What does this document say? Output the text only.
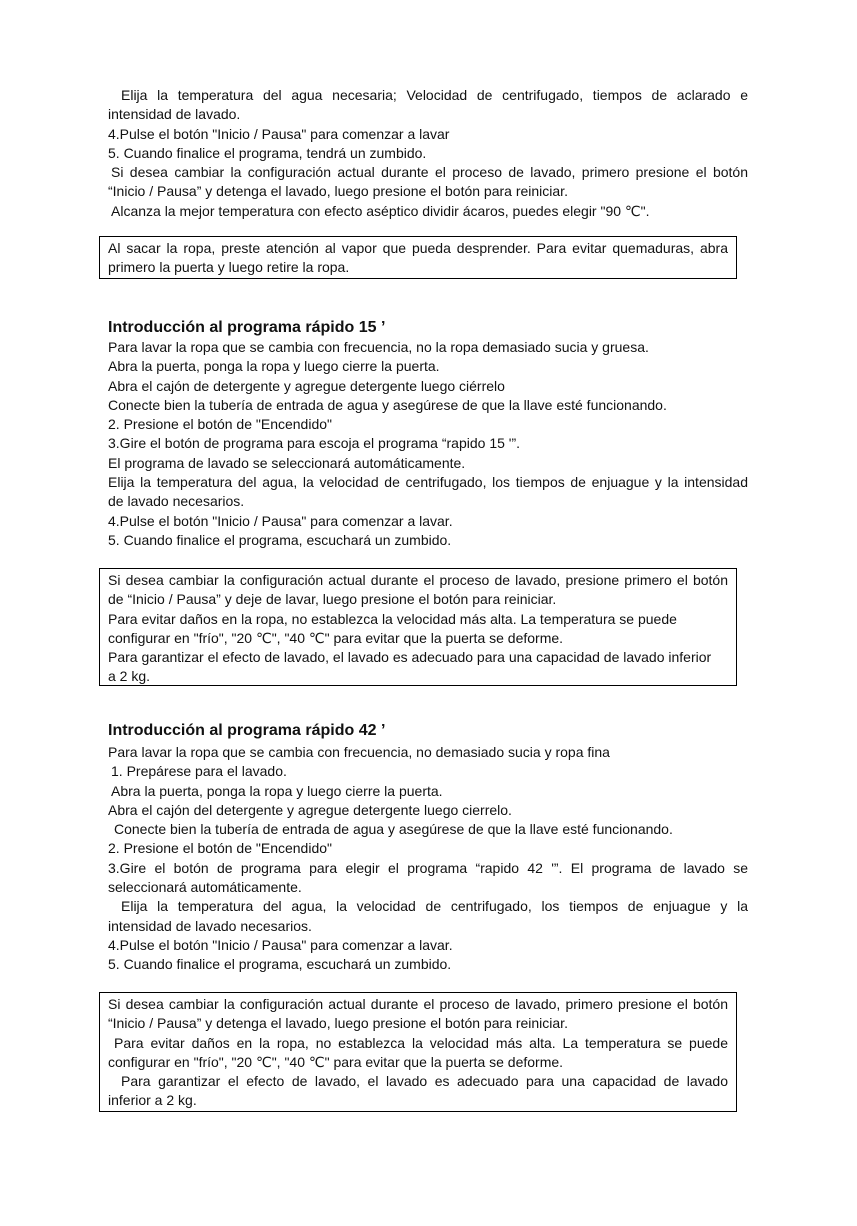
Elija la temperatura del agua necesaria; Velocidad de centrifugado, tiempos de aclarado e
intensidad de lavado.
4.Pulse el botón "Inicio / Pausa" para comenzar a lavar
5. Cuando finalice el programa, tendrá un zumbido.
Si desea cambiar la configuración actual durante el proceso de lavado, primero presione el botón
“Inicio / Pausa” y detenga el lavado, luego presione el botón para reiniciar.
Alcanza la mejor temperatura con efecto aséptico dividir ácaros, puedes elegir "90 ℃".
Al sacar la ropa, preste atención al vapor que pueda desprender. Para evitar quemaduras, abra
primero la puerta y luego retire la ropa.
Introducción al programa rápido 15 ’
Para lavar la ropa que se cambia con frecuencia, no la ropa demasiado sucia y gruesa.
Abra la puerta, ponga la ropa y luego cierre la puerta.
Abra el cajón de detergente y agregue detergente luego ciérrelo
Conecte bien la tubería de entrada de agua y asegúrese de que la llave esté funcionando.
2. Presione el botón de "Encendido"
3.Gire el botón de programa para escoja el programa “rapido 15 '”.
El programa de lavado se seleccionará automáticamente.
Elija la temperatura del agua, la velocidad de centrifugado, los tiempos de enjuague y la intensidad
de lavado necesarios.
4.Pulse el botón "Inicio / Pausa" para comenzar a lavar.
5. Cuando finalice el programa, escuchará un zumbido.
Si desea cambiar la configuración actual durante el proceso de lavado, presione primero el botón
de “Inicio / Pausa” y deje de lavar, luego presione el botón para reiniciar.
Para evitar daños en la ropa, no establezca la velocidad más alta. La temperatura se puede
configurar en "frío", "20 ℃", "40 ℃" para evitar que la puerta se deforme.
Para garantizar el efecto de lavado, el lavado es adecuado para una capacidad de lavado inferior
a 2 kg.
Introducción al programa rápido 42 ’
Para lavar la ropa que se cambia con frecuencia, no demasiado sucia y ropa fina
1. Prepárese para el lavado.
Abra la puerta, ponga la ropa y luego cierre la puerta.
Abra el cajón del detergente y agregue detergente luego cierrelo.
Conecte bien la tubería de entrada de agua y asegúrese de que la llave esté funcionando.
2. Presione el botón de "Encendido"
3.Gire el botón de programa para elegir el programa “rapido 42 '”. El programa de lavado se
seleccionará automáticamente.
Elija la temperatura del agua, la velocidad de centrifugado, los tiempos de enjuague y la
intensidad de lavado necesarios.
4.Pulse el botón "Inicio / Pausa" para comenzar a lavar.
5. Cuando finalice el programa, escuchará un zumbido.
Si desea cambiar la configuración actual durante el proceso de lavado, primero presione el botón
“Inicio / Pausa” y detenga el lavado, luego presione el botón para reiniciar.
Para evitar daños en la ropa, no establezca la velocidad más alta. La temperatura se puede
configurar en "frío", "20 ℃", "40 ℃" para evitar que la puerta se deforme.
Para garantizar el efecto de lavado, el lavado es adecuado para una capacidad de lavado
inferior a 2 kg.
